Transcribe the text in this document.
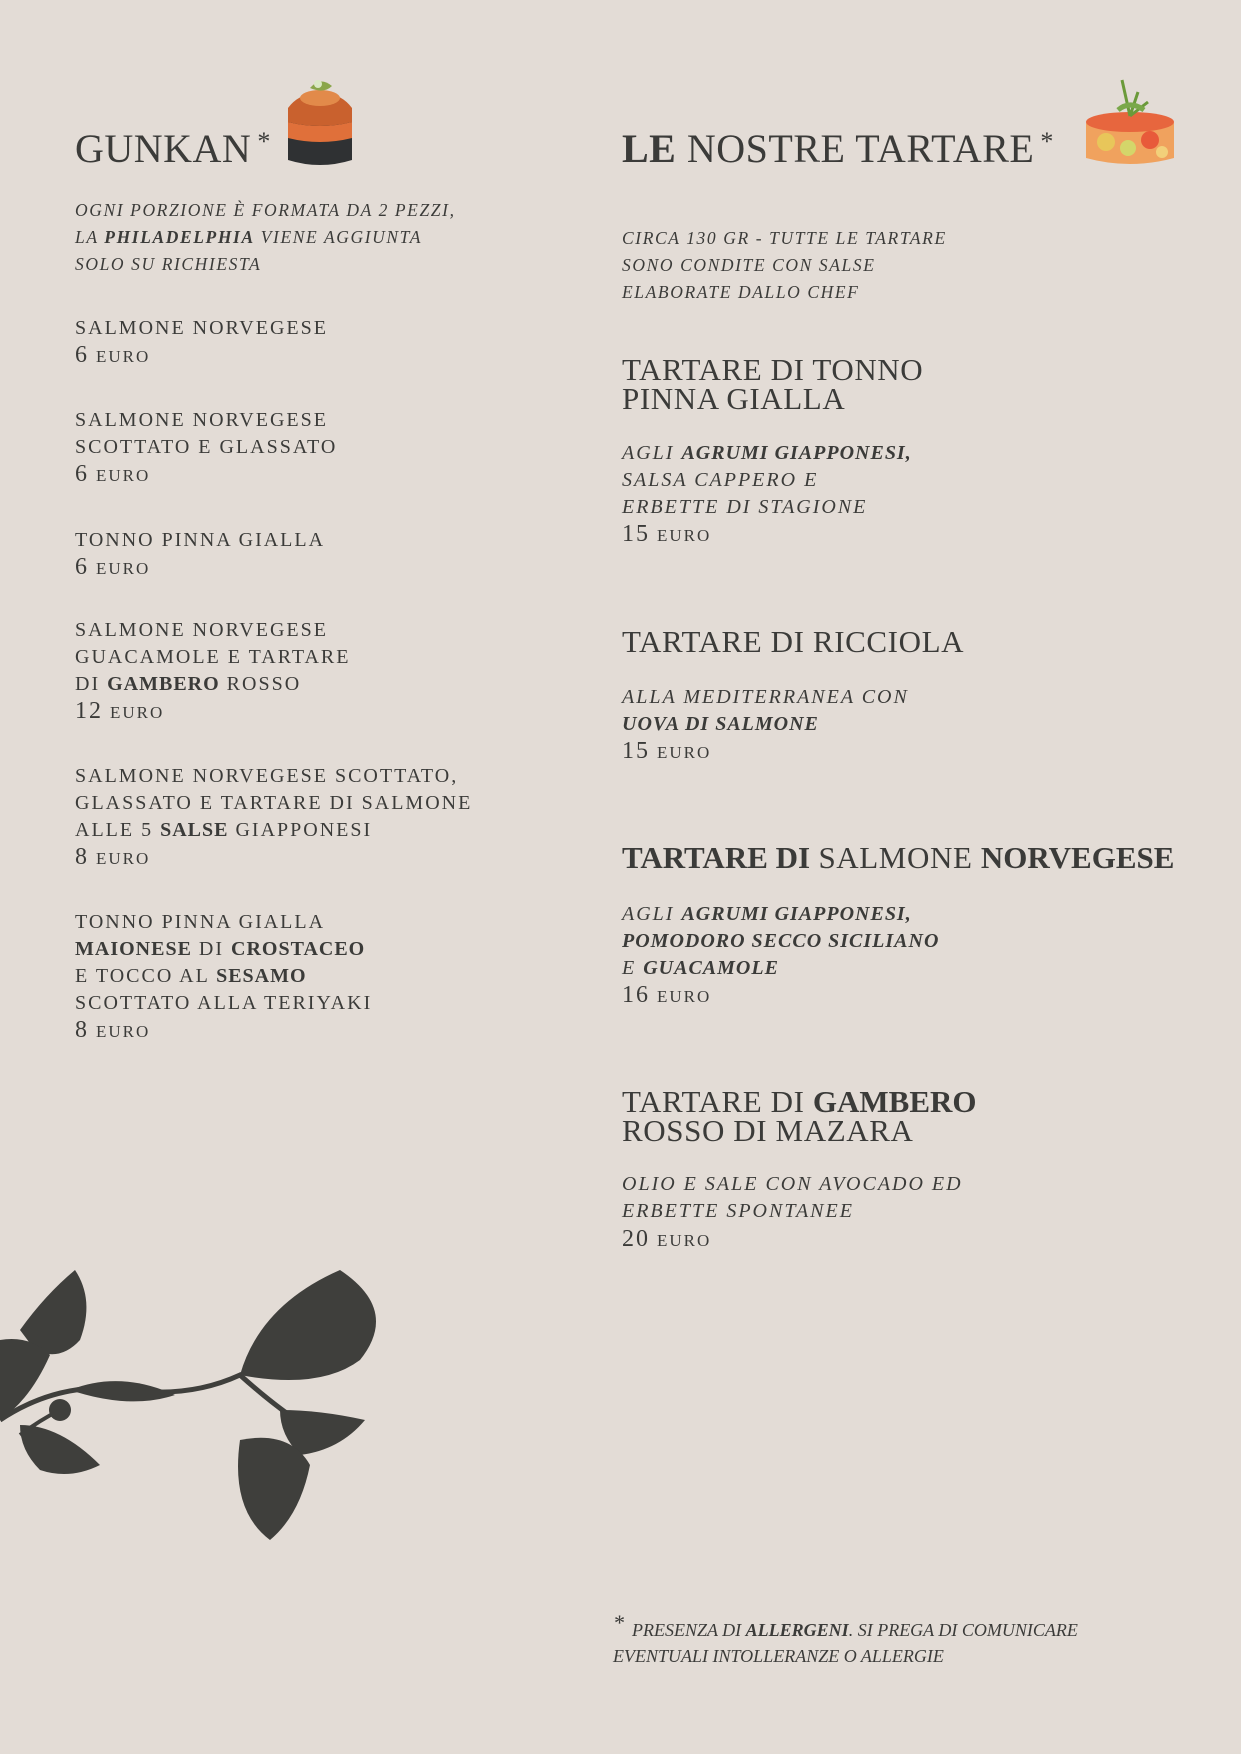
GUNKAN *

OGNI PORZIONE È FORMATA DA 2 PEZZI,
LA PHILADELPHIA VIENE AGGIUNTA
SOLO SU RICHIESTA

SALMONE NORVEGESE
6 EURO
SALMONE NORVEGESE
SCOTTATO E GLASSATO
6 EURO
TONNO PINNA GIALLA
6 EURO
SALMONE NORVEGESE
GUACAMOLE E TARTARE
DI GAMBERO ROSSO
12 EURO
SALMONE NORVEGESE SCOTTATO,
GLASSATO E TARTARE DI SALMONE
ALLE 5 SALSE GIAPPONESI
8 EURO
TONNO PINNA GIALLA
MAIONESE DI CROSTACEO
E TOCCO AL SESAMO
SCOTTATO ALLA TERIYAKI
8 EURO
LE NOSTRE TARTARE *

CIRCA 130 GR - TUTTE LE TARTARE
SONO CONDITE CON SALSE
ELABORATE DALLO CHEF

TARTARE DI TONNO
PINNA GIALLA
AGLI AGRUMI GIAPPONESI,
SALSA CAPPERO E
ERBETTE DI STAGIONE
15 EURO
TARTARE DI RICCIOLA
ALLA MEDITERRANEA CON
UOVA DI SALMONE
15 EURO
TARTARE DI SALMONE NORVEGESE
AGLI AGRUMI GIAPPONESI,
POMODORO SECCO SICILIANO
E GUACAMOLE
16 EURO
TARTARE DI GAMBERO
ROSSO DI MAZARA
OLIO E SALE CON AVOCADO ED
ERBETTE SPONTANEE
20 EURO
* PRESENZA DI ALLERGENI. SI PREGA DI COMUNICARE
EVENTUALI INTOLLERANZE O ALLERGIE
